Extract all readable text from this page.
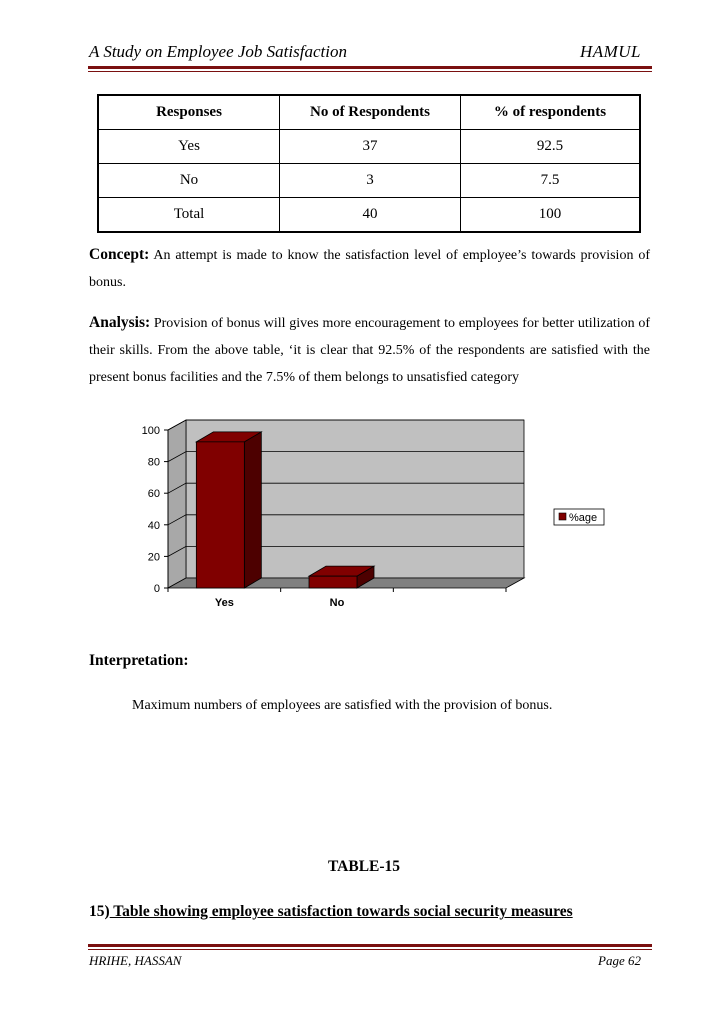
A Study on Employee Job Satisfaction	HAMUL
Responses	No of Respondents	% of respondents
Yes	37	92.5
No	3	7.5
Total	40	100
Concept: An attempt is made to know the satisfaction level of employee’s towards provision of bonus.
Analysis: Provision of bonus will gives more encouragement to employees for better utilization of their skills. From the above table, ‘it is clear that 92.5% of the respondents are satisfied with the present bonus facilities and the 7.5% of them belongs to unsatisfied category
0
20
40
60
80
100
Yes	No
%age
Interpretation:
Maximum numbers of employees are satisfied with the provision of bonus.
TABLE-15
15) Table showing employee satisfaction towards social security measures
HRIHE, HASSAN	Page 62
